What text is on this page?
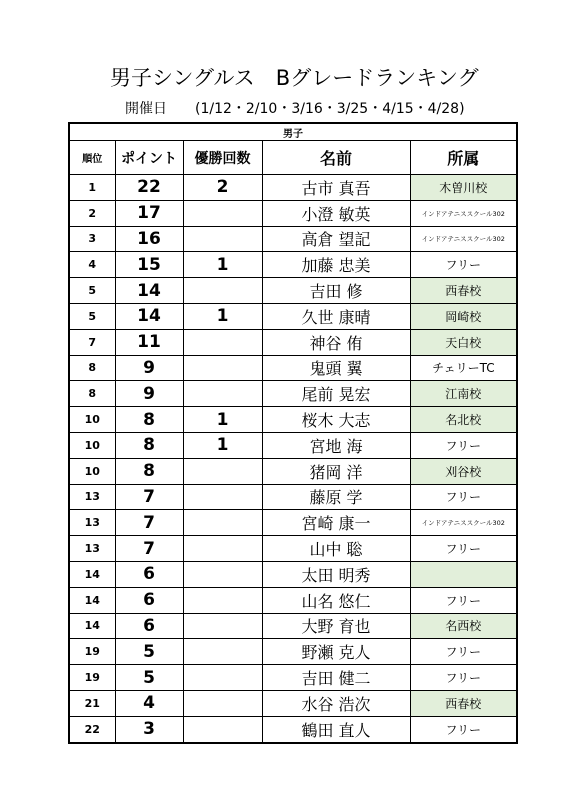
男子シングルス　Bグレードランキング
開催日　　(1/12・2/10・3/16・3/25・4/15・4/28)
男子				
順位	ポイント	優勝回数	名前	所属
1	22	2	古市 真吾	木曽川校
2	17		小澄 敏英	インドアテニススクール302
3	16		高倉 望記	インドアテニススクール302
4	15	1	加藤 忠美	フリー
5	14		吉田 修	西春校
5	14	1	久世 康晴	岡崎校
7	11		神谷 侑	天白校
8	9		鬼頭 翼	チェリーTC
8	9		尾前 晃宏	江南校
10	8	1	桜木 大志	名北校
10	8	1	宮地 海	フリー
10	8		猪岡 洋	刈谷校
13	7		藤原 学	フリー
13	7		宮崎 康一	インドアテニススクール302
13	7		山中 聡	フリー
14	6		太田 明秀	
14	6		山名 悠仁	フリー
14	6		大野 育也	名西校
19	5		野瀬 克人	フリー
19	5		吉田 健二	フリー
21	4		水谷 浩次	西春校
22	3		鶴田 直人	フリー
